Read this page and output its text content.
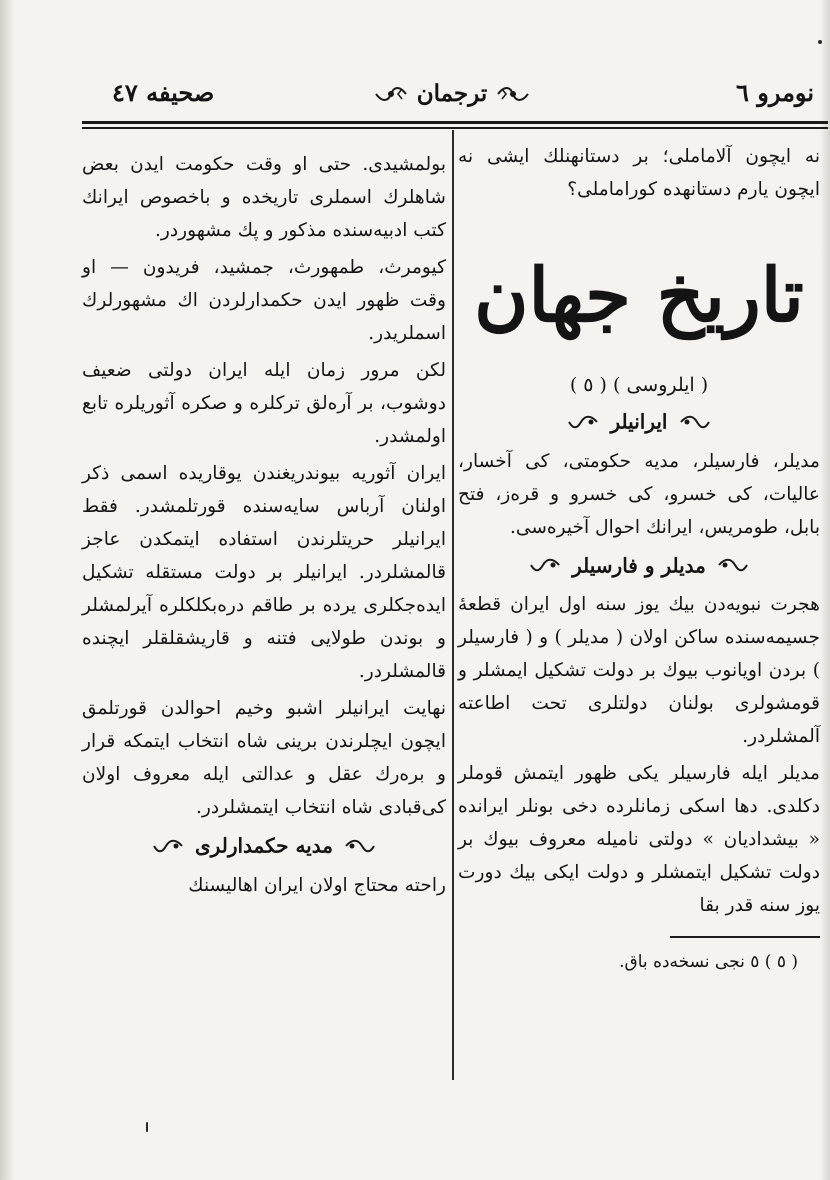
نومرو ٦
ترجمان
صحيفه ٤٧

نه ایچون آلاماملی؛ بر دستانهنلك ایشی نه ایچون یارم دستانهده کوراماملی؟

تاریخ جهان
( ایلروسی ) ( ٥ )
ایرانیلر

مدیلر، فارسیلر، مدیه حکومتی، کی آخسار، عالیات، کی خسرو، کی خسرو و قره‌ز، فتح بابل، طومریس، ایرانك احوال آخیره‌سی.

مدیلر و فارسیلر

هجرت نبویه‌دن بیك یوز سنه اول ایران قطعهٔ جسیمه‌سنده ساکن اولان ( مدیلر ) و ( فارسیلر ) بردن اویانوب بیوك بر دولت تشکیل ایمشلر و قومشولری بولنان دولتلری تحت اطاعته آلمشلردر.

مدیلر ایله فارسیلر یکی ظهور ایتمش قوملر دکلدی. دها اسکی زمانلرده دخی بونلر ایرانده « بیشدادیان » دولتی نامیله معروف بیوك بر دولت تشکیل ایتمشلر و دولت ایکی بیك دورت یوز سنه قدر بقا

( ٥ ) ٥ نجی نسخه‌ده باق.

بولمشیدی. حتی او وقت حکومت ایدن بعض شاهلرك اسملری تاریخده و باخصوص ایرانك کتب ادبیه‌سنده مذکور و پك مشهوردر.

کیومرث، طمهورث، جمشید، فریدون — او وقت ظهور ایدن حکمدارلردن اك مشهورلرك اسملریدر.

لکن مرور زمان ایله ایران دولتی ضعیف دوشوب، بر آره‌لق ترکلره و صکره آثوریلره تابع اولمشدر.

ایران آثوریه بیوندریغندن یوقاریده اسمی ذکر اولنان آرباس سایه‌سنده قورتلمشدر. فقط ایرانیلر حریتلرندن استفاده ایتمکدن عاجز قالمشلردر. ایرانیلر بر دولت مستقله تشکیل ایده‌جکلری یرده بر طاقم دره‌بکلکلره آیرلمشلر و بوندن طولایی فتنه و قاریشقلقلر ایچنده قالمشلردر.

نهایت ایرانیلر اشبو وخیم احوالدن قورتلمق ایچون ایچلرندن برینی شاه انتخاب ایتمکه قرار و بره‌رك عقل و عدالتی ایله معروف اولان کی‌قبادی شاه انتخاب ایتمشلردر.

مدیه حکمدارلری

راحته محتاج اولان ایران اهالیسنك
